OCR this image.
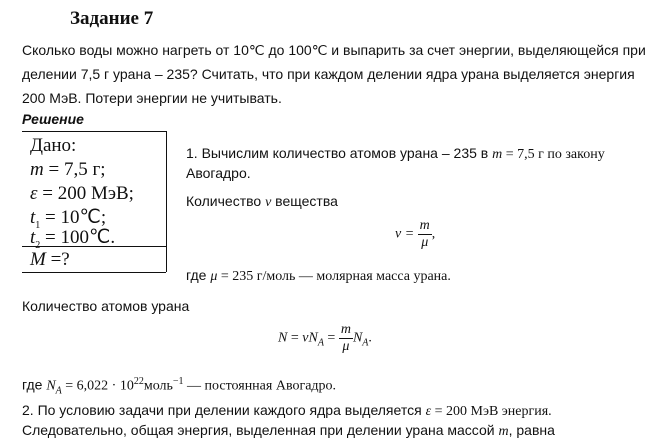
Задание 7
Сколько воды можно нагреть от 10℃ до 100℃ и выпарить за счет энергии, выделяющейся при
делении 7,5 г урана – 235? Считать, что при каждом делении ядра урана выделяется энергия
200 МэВ. Потери энергии не учитывать.
Решение
Дано:
m = 7,5 г;
ε = 200 МэВ;
$t_1$ = 10℃;
$t_2$ = 100℃.
M =?
1. Вычислим количество атомов урана – 235 в m = 7,5 г по закону
Авогадро.
Количество ν вещества
$\nu = \frac{m}{\mu}$ ,
где μ = 235 г/моль — молярная масса урана.
Количество атомов урана
$N = \nu N_A = \frac{m}{\mu} N_A$.
где $N_A = 6,022$ · $10^{22}моль^{-1}$ — постоянная Авогадро.
2. По условию задачи при делении каждого ядра выделяется ε = 200 МэВ энергия.
Следовательно, общая энергия, выделенная при делении урана массой m, равна
